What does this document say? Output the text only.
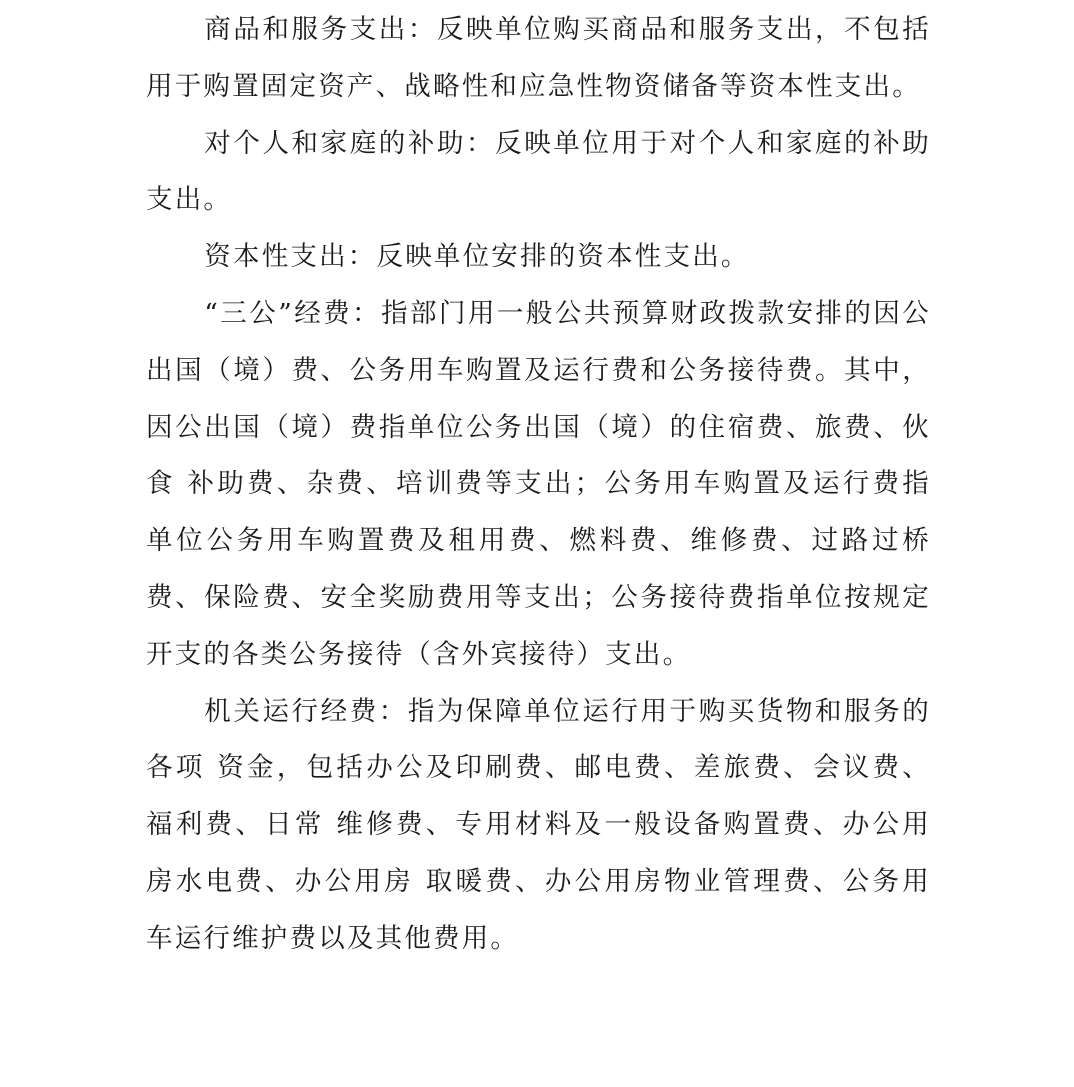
商品和服务支出：反映单位购买商品和服务支出，不包括用于购置固定资产、战略性和应急性物资储备等资本性支出。

对个人和家庭的补助：反映单位用于对个人和家庭的补助支出。

资本性支出：反映单位安排的资本性支出。

“三公”经费：指部门用一般公共预算财政拨款安排的因公出国（境）费、公务用车购置及运行费和公务接待费。其中，因公出国（境）费指单位公务出国（境）的住宿费、旅费、伙食 补助费、杂费、培训费等支出；公务用车购置及运行费指单位公务用车购置费及租用费、燃料费、维修费、过路过桥费、保险费、安全奖励费用等支出；公务接待费指单位按规定开支的各类公务接待（含外宾接待）支出。

机关运行经费：指为保障单位运行用于购买货物和服务的各项 资金，包括办公及印刷费、邮电费、差旅费、会议费、福利费、日常 维修费、专用材料及一般设备购置费、办公用房水电费、办公用房 取暖费、办公用房物业管理费、公务用车运行维护费以及其他费用。
